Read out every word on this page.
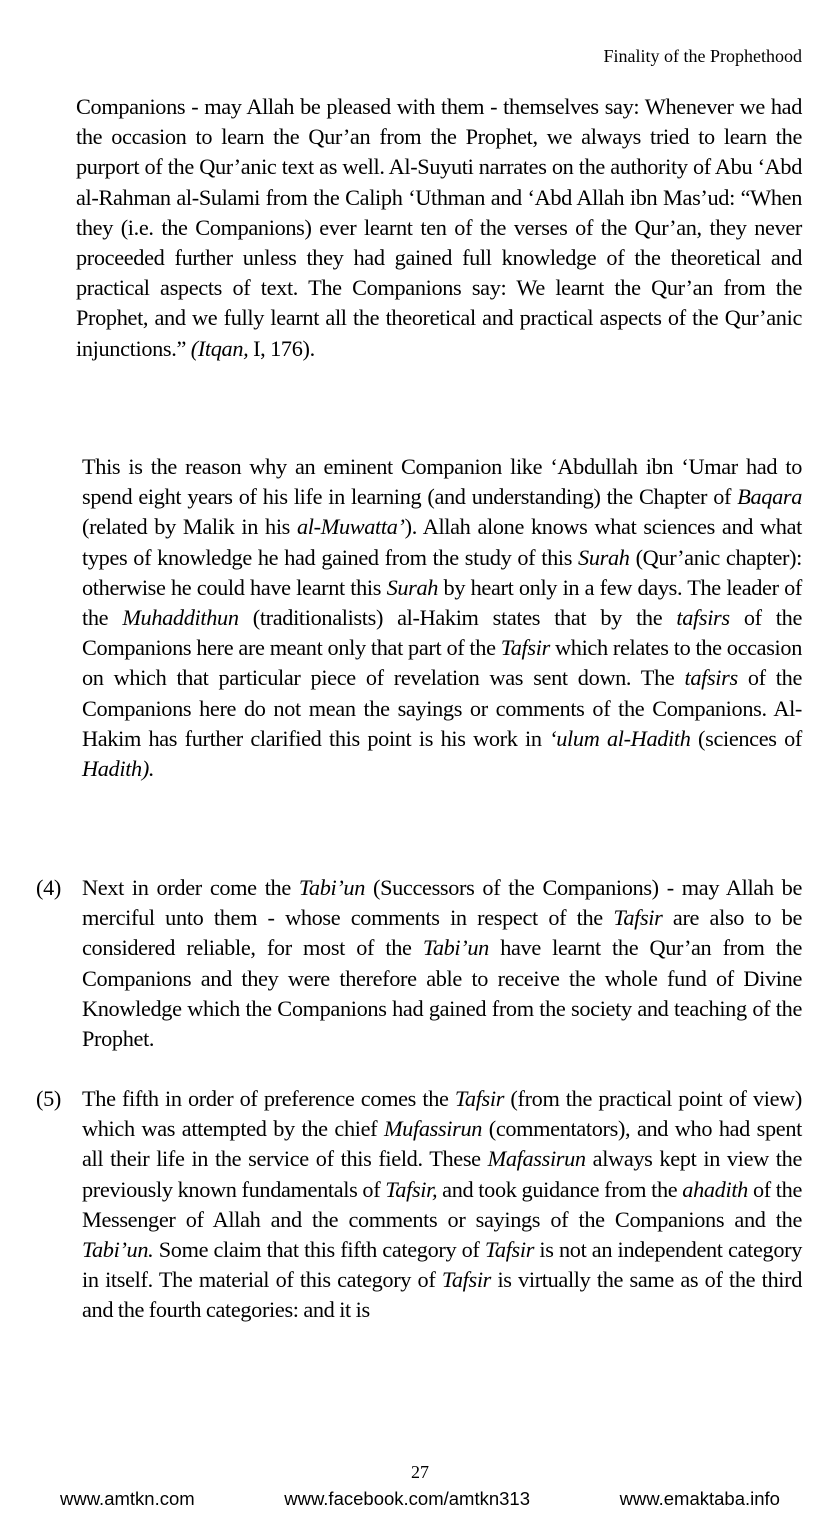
Finality of the Prophethood

Companions - may Allah be pleased with them - themselves say: Whenever we had the occasion to learn the Qur’an from the Prophet, we always tried to learn the purport of the Qur’anic text as well. Al-Suyuti narrates on the authority of Abu ‘Abd al-Rahman al-Sulami from the Caliph ‘Uthman and ‘Abd Allah ibn Mas’ud: “When they (i.e. the Companions) ever learnt ten of the verses of the Qur’an, they never proceeded further unless they had gained full knowledge of the theoretical and practical aspects of text. The Companions say: We learnt the Qur’an from the Prophet, and we fully learnt all the theoretical and practical aspects of the Qur’anic injunctions.” (Itqan, I, 176).

This is the reason why an eminent Companion like ‘Abdullah ibn ‘Umar had to spend eight years of his life in learning (and understanding) the Chapter of Baqara (related by Malik in his al-Muwatta’). Allah alone knows what sciences and what types of knowledge he had gained from the study of this Surah (Qur’anic chapter): otherwise he could have learnt this Surah by heart only in a few days. The leader of the Muhaddithun (traditionalists) al-Hakim states that by the tafsirs of the Companions here are meant only that part of the Tafsir which relates to the occasion on which that particular piece of revelation was sent down. The tafsirs of the Companions here do not mean the sayings or comments of the Companions. Al-Hakim has further clarified this point is his work in ‘ulum al-Hadith (sciences of Hadith).

(4) Next in order come the Tabi’un (Successors of the Companions) - may Allah be merciful unto them - whose comments in respect of the Tafsir are also to be considered reliable, for most of the Tabi’un have learnt the Qur’an from the Companions and they were therefore able to receive the whole fund of Divine Knowledge which the Companions had gained from the society and teaching of the Prophet.
(5) The fifth in order of preference comes the Tafsir (from the practical point of view) which was attempted by the chief Mufassirun (commentators), and who had spent all their life in the service of this field. These Mafassirun always kept in view the previously known fundamentals of Tafsir, and took guidance from the ahadith of the Messenger of Allah and the comments or sayings of the Companions and the Tabi’un. Some claim that this fifth category of Tafsir is not an independent category in itself. The material of this category of Tafsir is virtually the same as of the third and the fourth categories: and it is
27
www.amtkn.com	www.facebook.com/amtkn313	www.emaktaba.info
